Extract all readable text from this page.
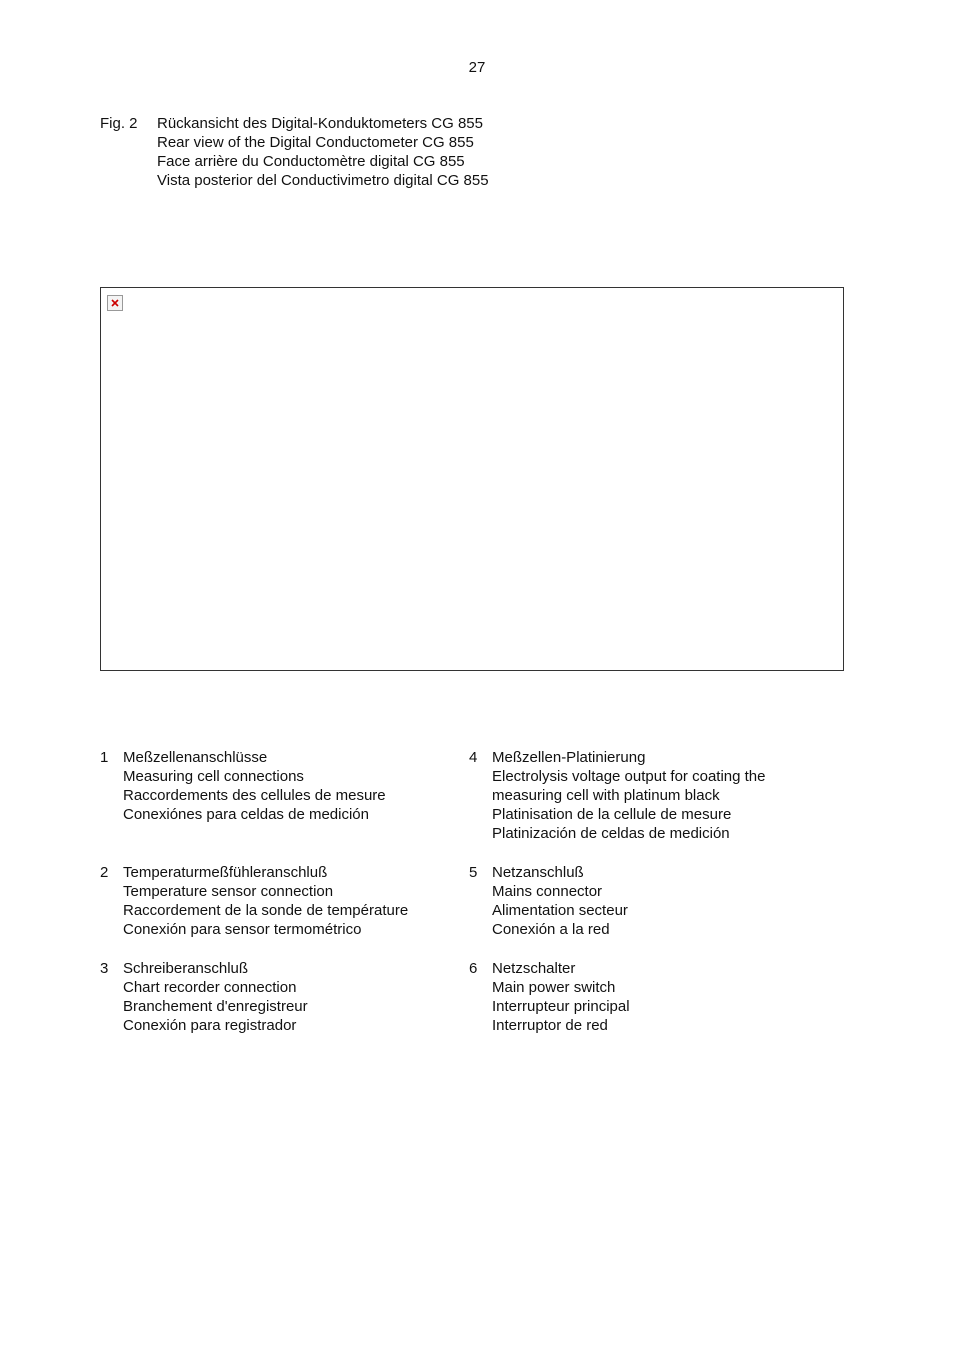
27
Fig. 2 Rückansicht des Digital-Konduktometers CG 855
Rear view of the Digital Conductometer CG 855
Face arrière du Conductomètre digital CG 855
Vista posterior del Conductivimetro digital CG 855
1 Meßzellenanschlüsse
Measuring cell connections
Raccordements des cellules de mesure
Conexiónes para celdas de medición
2 Temperaturmeßfühleranschluß
Temperature sensor connection
Raccordement de la sonde de température
Conexión para sensor termométrico
3 Schreiberanschluß
Chart recorder connection
Branchement d'enregistreur
Conexión para registrador
4 Meßzellen-Platinierung
Electrolysis voltage output for coating the
measuring cell with platinum black
Platinisation de la cellule de mesure
Platinización de celdas de medición
5 Netzanschluß
Mains connector
Alimentation secteur
Conexión a la red
6 Netzschalter
Main power switch
Interrupteur principal
Interruptor de red
